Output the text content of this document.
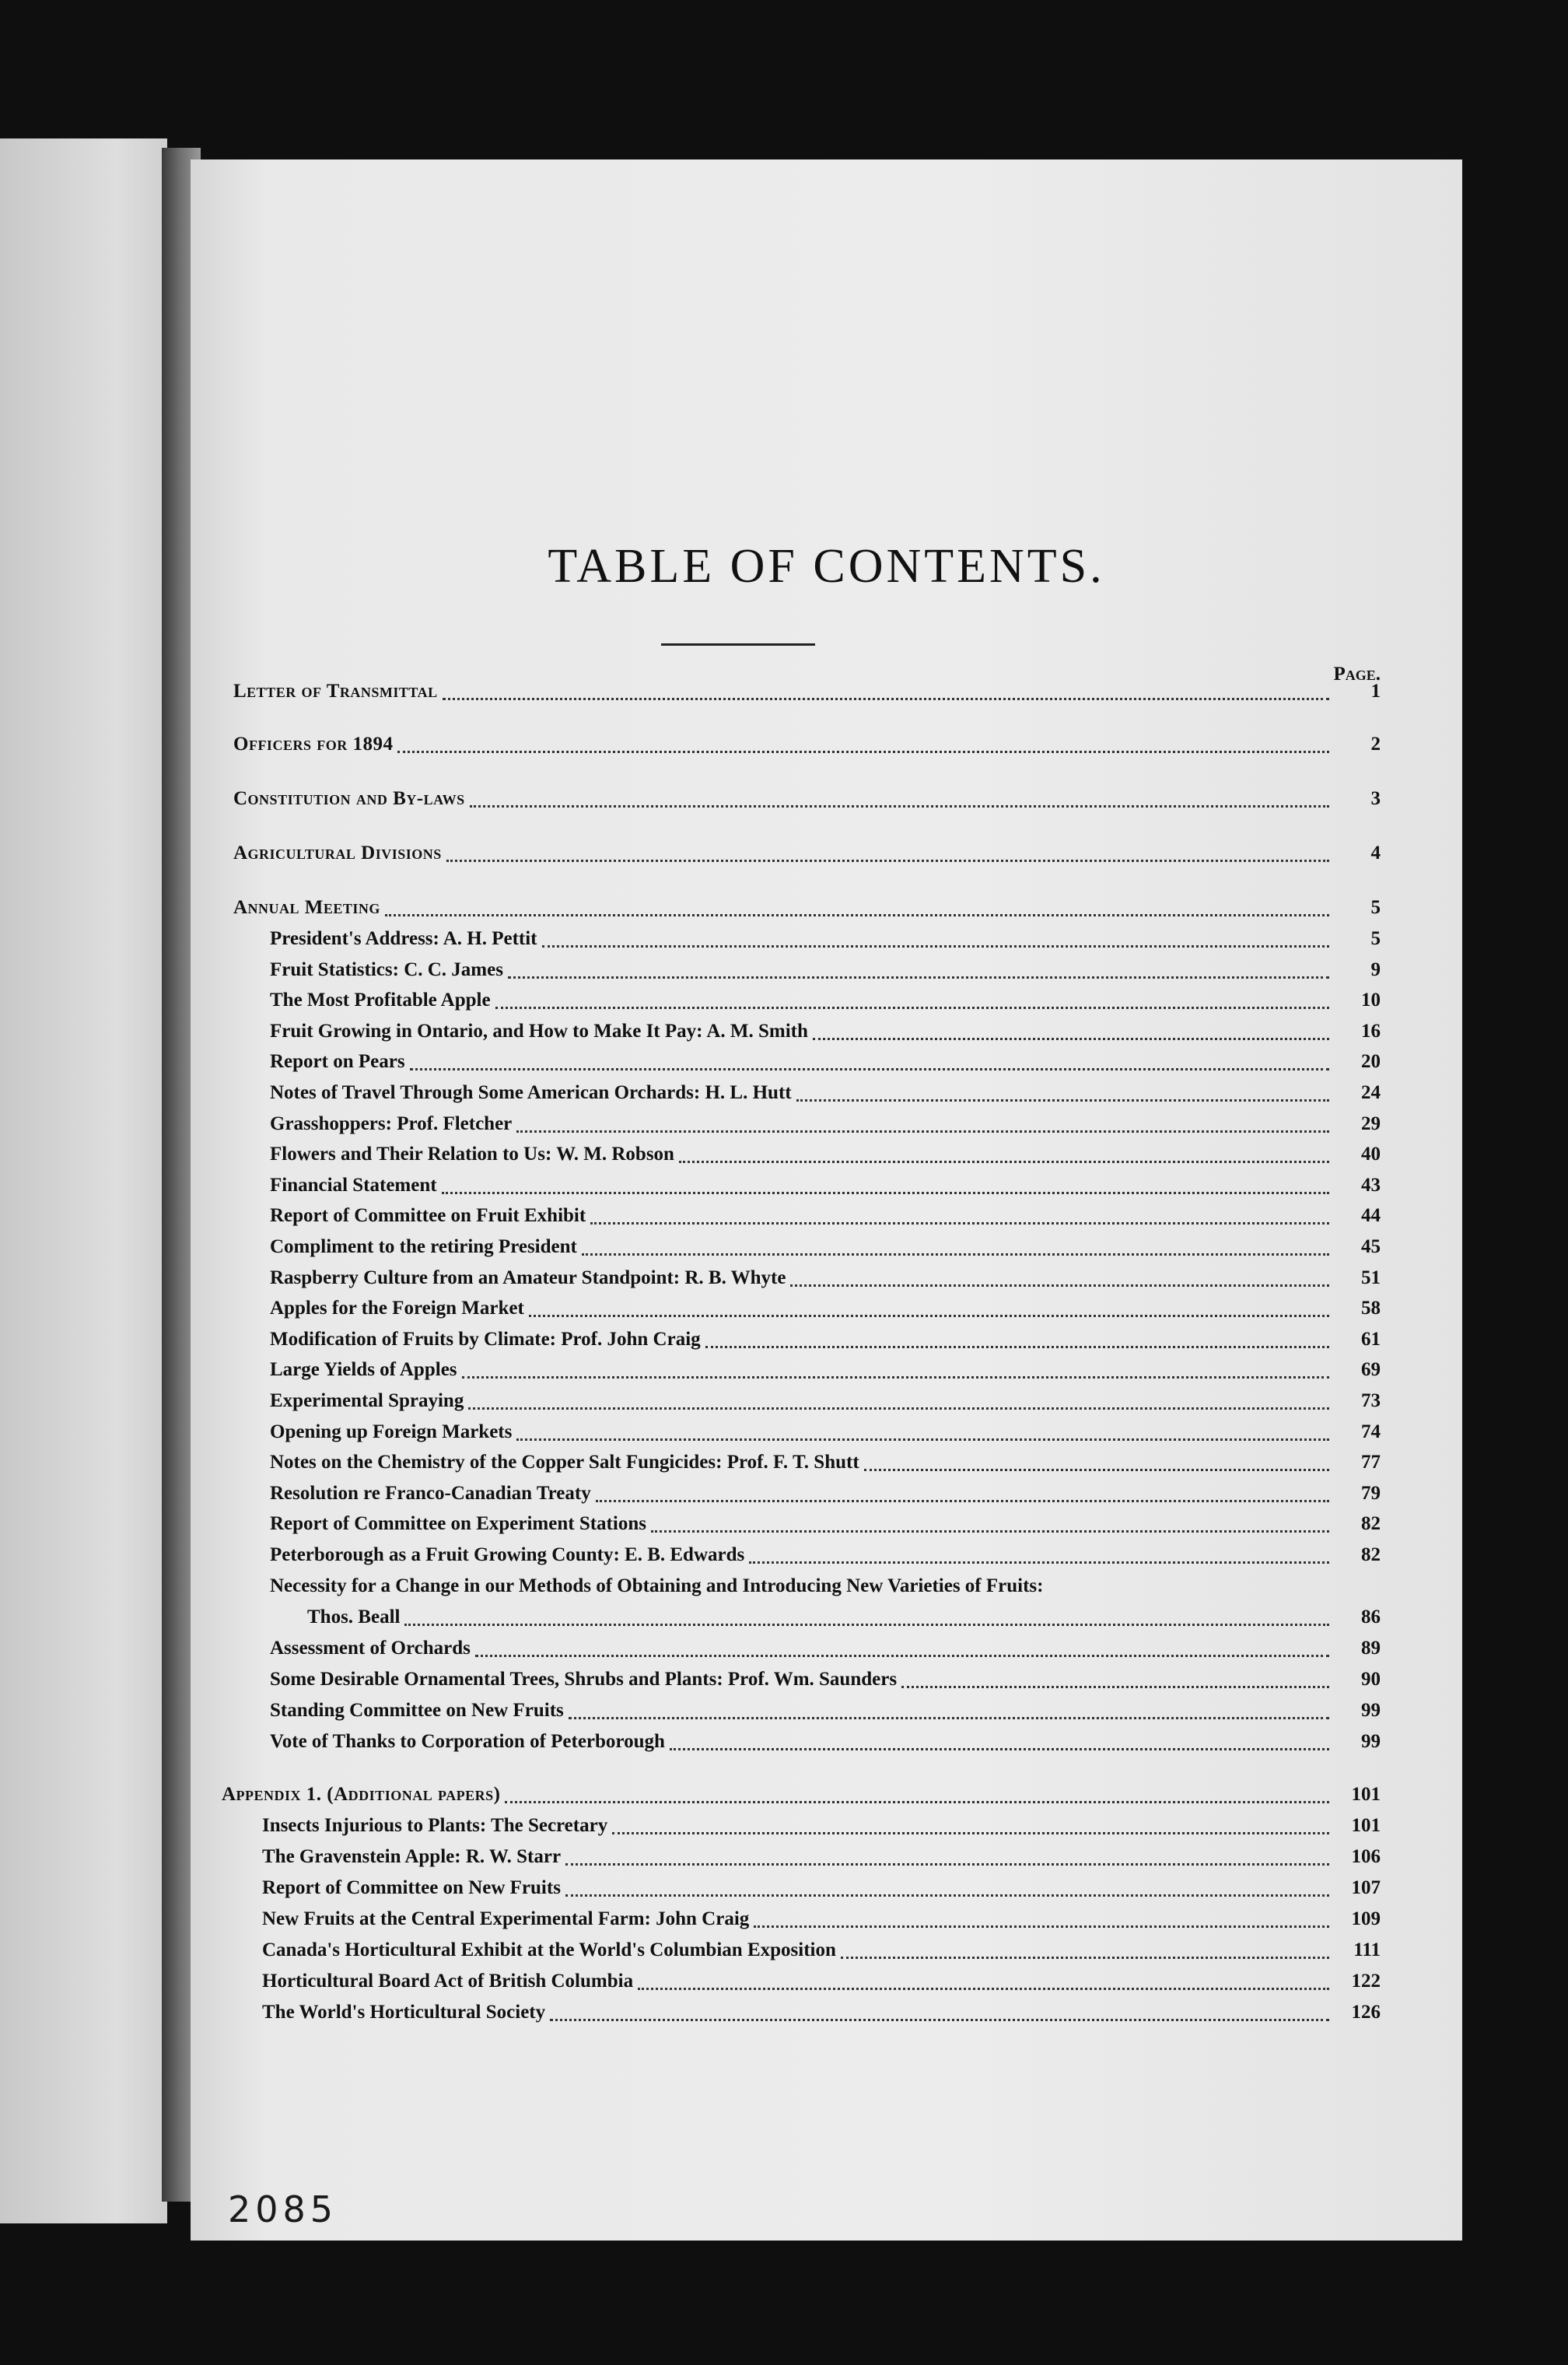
TABLE OF CONTENTS.
Page.
Letter of Transmittal	1
Officers for 1894	2
Constitution and By-laws	3
Agricultural Divisions	4
Annual Meeting	5
President's Address: A. H. Pettit	5
Fruit Statistics: C. C. James	9
The Most Profitable Apple	10
Fruit Growing in Ontario, and How to Make It Pay: A. M. Smith	16
Report on Pears	20
Notes of Travel Through Some American Orchards: H. L. Hutt	24
Grasshoppers: Prof. Fletcher	29
Flowers and Their Relation to Us: W. M. Robson	40
Financial Statement	43
Report of Committee on Fruit Exhibit	44
Compliment to the retiring President	45
Raspberry Culture from an Amateur Standpoint: R. B. Whyte	51
Apples for the Foreign Market	58
Modification of Fruits by Climate: Prof. John Craig	61
Large Yields of Apples	69
Experimental Spraying	73
Opening up Foreign Markets	74
Notes on the Chemistry of the Copper Salt Fungicides: Prof. F. T. Shutt	77
Resolution re Franco-Canadian Treaty	79
Report of Committee on Experiment Stations	82
Peterborough as a Fruit Growing County: E. B. Edwards	82
Necessity for a Change in our Methods of Obtaining and Introducing New Varieties of Fruits:
Thos. Beall	86
Assessment of Orchards	89
Some Desirable Ornamental Trees, Shrubs and Plants: Prof. Wm. Saunders	90
Standing Committee on New Fruits	99
Vote of Thanks to Corporation of Peterborough	99
Appendix 1. (Additional papers)	101
Insects Injurious to Plants: The Secretary	101
The Gravenstein Apple: R. W. Starr	106
Report of Committee on New Fruits	107
New Fruits at the Central Experimental Farm: John Craig	109
Canada's Horticultural Exhibit at the World's Columbian Exposition	111
Horticultural Board Act of British Columbia	122
The World's Horticultural Society	126

2085
